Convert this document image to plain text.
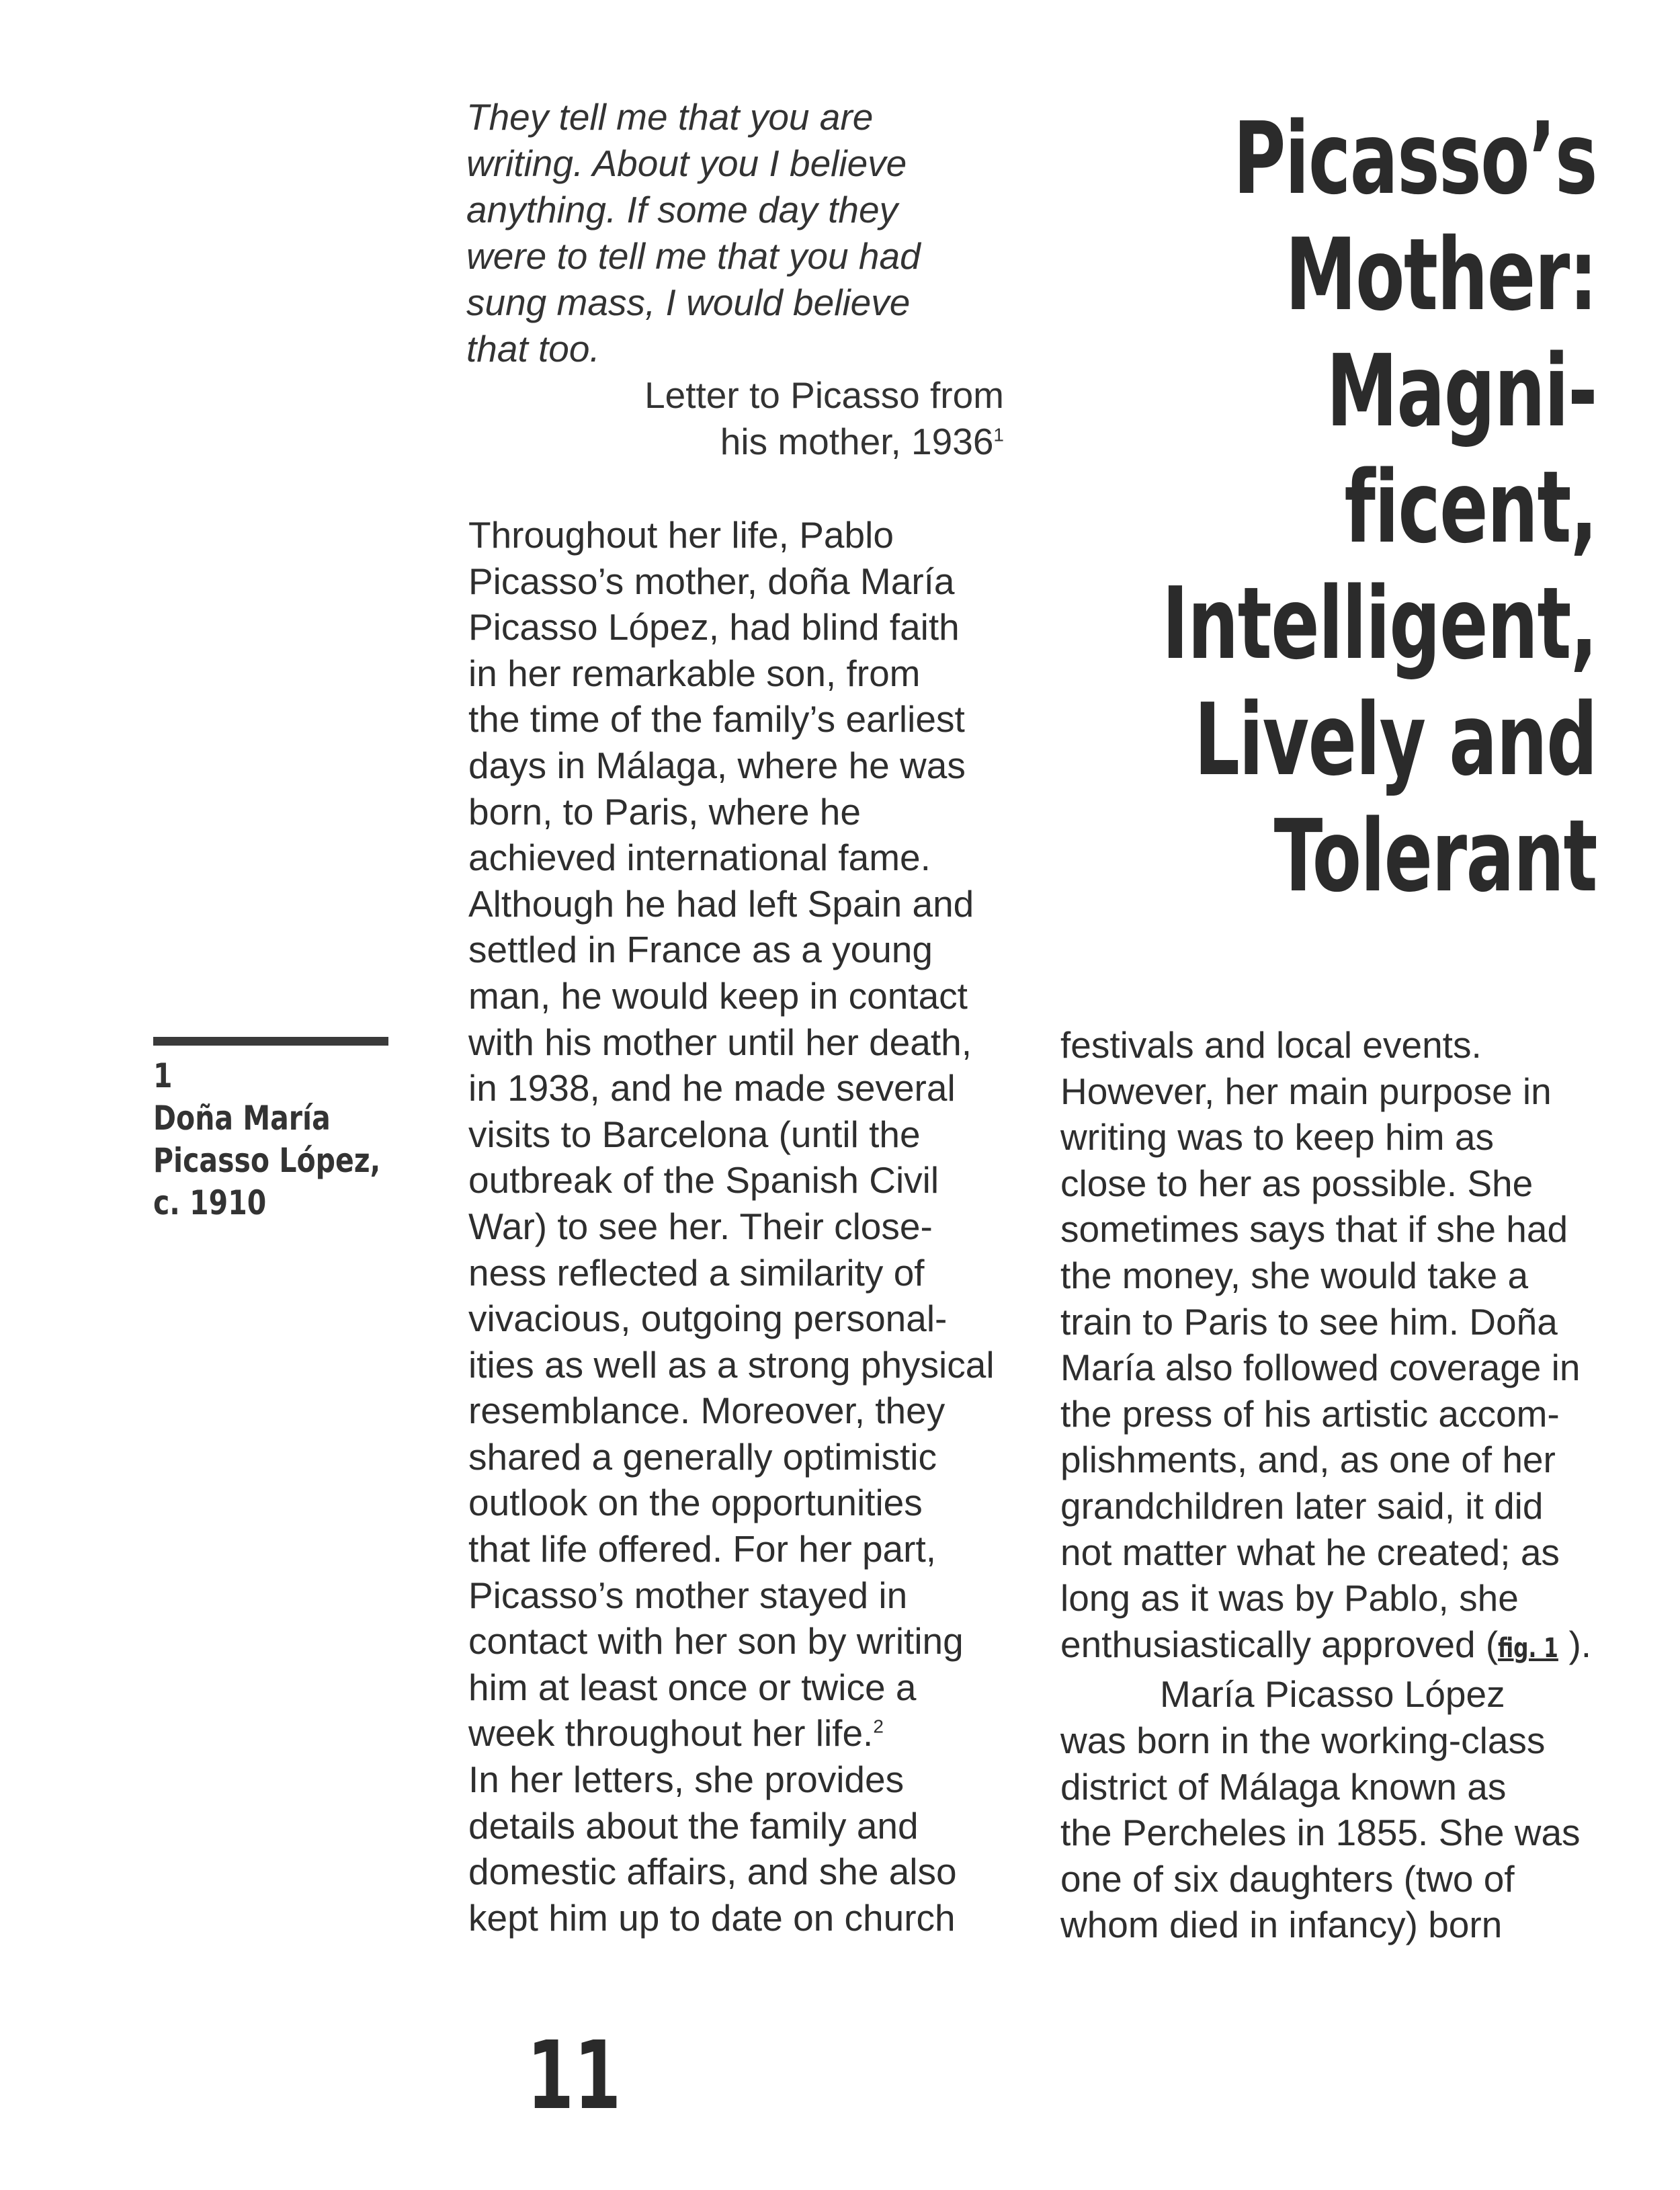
They tell me that you are
writing. About you I believe
anything. If some day they
were to tell me that you had
sung mass, I would believe
that too.
Letter to Picasso from
his mother, 1936$^1$
Picasso’s
Mother:
Magni-
ficent,
Intelligent,
Lively and
Tolerant
1
Doña María
Picasso López,
c. 1910
Throughout her life, Pablo
Picasso’s mother, doña María
Picasso López, had blind faith
in her remarkable son, from
the time of the family’s earliest
days in Málaga, where he was
born, to Paris, where he
achieved international fame.
Although he had left Spain and
settled in France as a young
man, he would keep in contact
with his mother until her death,
in 1938, and he made several
visits to Barcelona (until the
outbreak of the Spanish Civil
War) to see her. Their close-
ness reflected a similarity of
vivacious, outgoing personal-
ities as well as a strong physical
resemblance. Moreover, they
shared a generally optimistic
outlook on the opportunities
that life offered. For her part,
Picasso’s mother stayed in
contact with her son by writing
him at least once or twice a
week throughout her life.$^2$
In her letters, she provides
details about the family and
domestic affairs, and she also
kept him up to date on church
festivals and local events.
However, her main purpose in
writing was to keep him as
close to her as possible. She
sometimes says that if she had
the money, she would take a
train to Paris to see him. Doña
María also followed coverage in
the press of his artistic accom-
plishments, and, as one of her
grandchildren later said, it did
not matter what he created; as
long as it was by Pablo, she
enthusiastically approved (fig. 1 ).
María Picasso López
was born in the working-class
district of Málaga known as
the Percheles in 1855. She was
one of six daughters (two of
whom died in infancy) born
11
